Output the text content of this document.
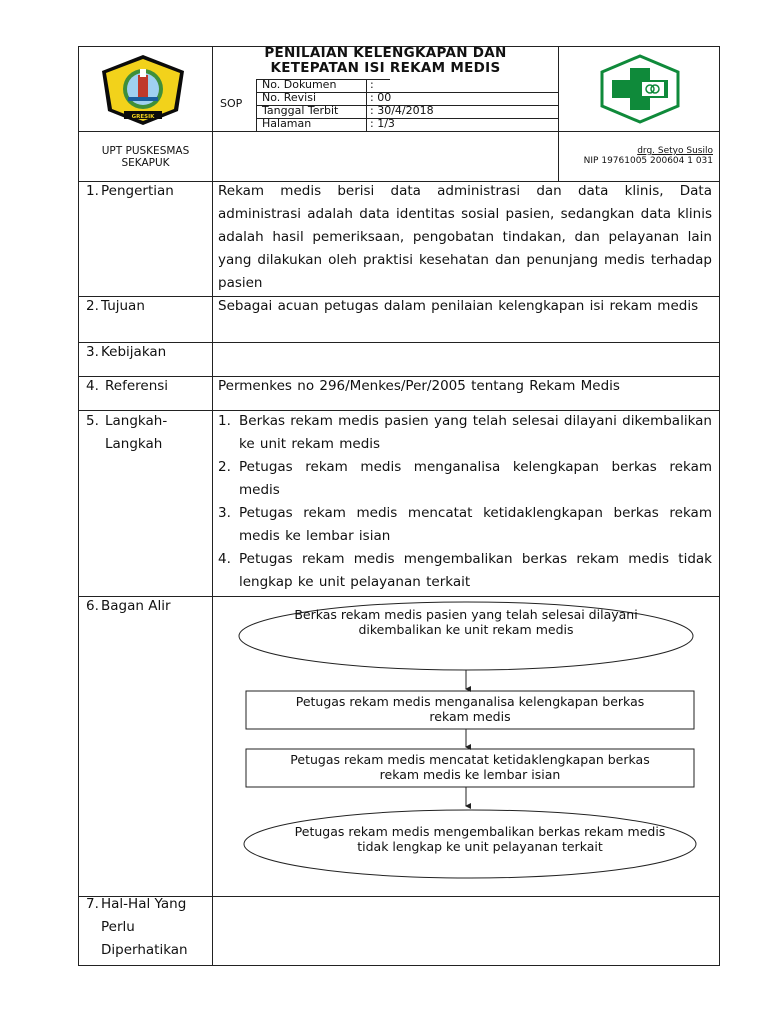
GRESIK
PENILAIAN KELENGKAPAN DAN
KETEPATAN ISI REKAM MEDIS
SOP
No. Dokumen	:
No. Revisi	: 00
Tanggal Terbit	: 30/4/2018
Halaman	: 1/3
UPT PUSKESMAS
SEKAPUK
drg. Setyo Susilo
NIP 19761005 200604 1 031
1. Pengertian	Rekam medis berisi data administrasi dan data klinis, Data administrasi adalah data identitas sosial pasien, sedangkan data klinis adalah hasil pemeriksaan, pengobatan tindakan, dan pelayanan lain yang dilakukan oleh praktisi kesehatan dan penunjang medis terhadap pasien
2. Tujuan	Sebagai acuan petugas dalam penilaian kelengkapan isi rekam medis
3. Kebijakan
4. Referensi	Permenkes no 296/Menkes/Per/2005 tentang Rekam Medis
5. Langkah-
Langkah
1. Berkas rekam medis pasien yang telah selesai dilayani dikembalikan ke unit rekam medis
2. Petugas rekam medis menganalisa kelengkapan berkas rekam medis
3. Petugas rekam medis mencatat ketidaklengkapan berkas rekam medis ke lembar isian
4. Petugas rekam medis mengembalikan berkas rekam medis tidak lengkap ke unit pelayanan terkait
6. Bagan Alir
Berkas rekam medis pasien yang telah selesai dilayani
dikembalikan ke unit rekam medis
Petugas rekam medis menganalisa kelengkapan berkas
rekam medis
Petugas rekam medis mencatat ketidaklengkapan berkas
rekam medis ke lembar isian
Petugas rekam medis mengembalikan berkas rekam medis
tidak lengkap ke unit pelayanan terkait
7. Hal-Hal Yang
Perlu
Diperhatikan
